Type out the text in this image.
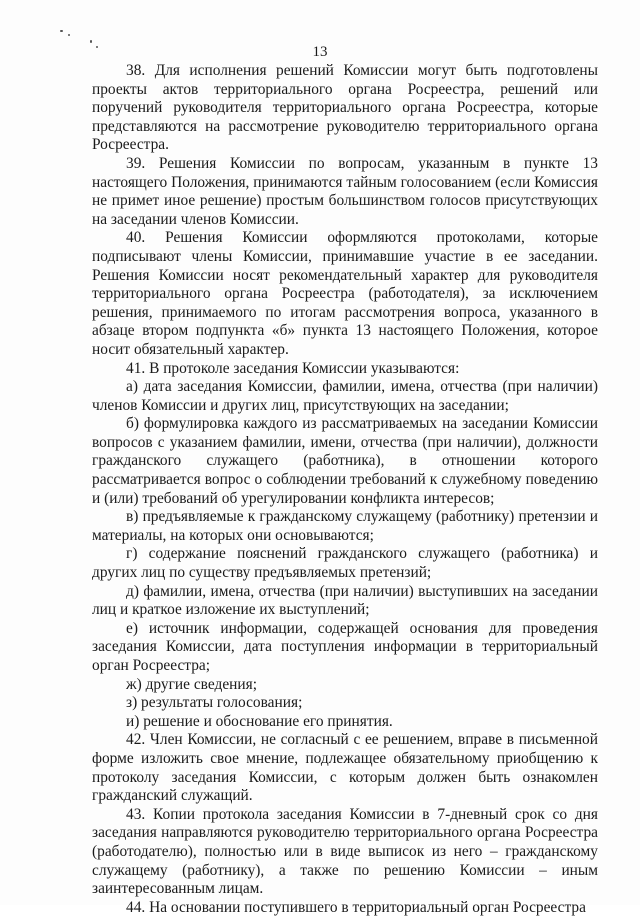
13

38. Для исполнения решений Комиссии могут быть подготовлены проекты актов территориального органа Росреестра, решений или поручений руководителя территориального органа Росреестра, которые представляются на рассмотрение руководителю территориального органа Росреестра.

39. Решения Комиссии по вопросам, указанным в пункте 13 настоящего Положения, принимаются тайным голосованием (если Комиссия не примет иное решение) простым большинством голосов присутствующих на заседании членов Комиссии.

40. Решения Комиссии оформляются протоколами, которые подписывают члены Комиссии, принимавшие участие в ее заседании. Решения Комиссии носят рекомендательный характер для руководителя территориального органа Росреестра (работодателя), за исключением решения, принимаемого по итогам рассмотрения вопроса, указанного в абзаце втором подпункта «б» пункта 13 настоящего Положения, которое носит обязательный характер.

41. В протоколе заседания Комиссии указываются:

а) дата заседания Комиссии, фамилии, имена, отчества (при наличии) членов Комиссии и других лиц, присутствующих на заседании;

б) формулировка каждого из рассматриваемых на заседании Комиссии вопросов с указанием фамилии, имени, отчества (при наличии), должности гражданского служащего (работника), в отношении которого рассматривается вопрос о соблюдении требований к служебному поведению и (или) требований об урегулировании конфликта интересов;

в) предъявляемые к гражданскому служащему (работнику) претензии и материалы, на которых они основываются;

г) содержание пояснений гражданского служащего (работника) и других лиц по существу предъявляемых претензий;

д) фамилии, имена, отчества (при наличии) выступивших на заседании лиц и краткое изложение их выступлений;

е) источник информации, содержащей основания для проведения заседания Комиссии, дата поступления информации в территориальный орган Росреестра;

ж) другие сведения;

з) результаты голосования;

и) решение и обоснование его принятия.

42. Член Комиссии, не согласный с ее решением, вправе в письменной форме изложить свое мнение, подлежащее обязательному приобщению к протоколу заседания Комиссии, с которым должен быть ознакомлен гражданский служащий.

43. Копии протокола заседания Комиссии в 7-дневный срок со дня заседания направляются руководителю территориального органа Росреестра (работодателю), полностью или в виде выписок из него – гражданскому служащему (работнику), а также по решению Комиссии – иным заинтересованным лицам.

44. На основании поступившего в территориальный орган Росреестра
